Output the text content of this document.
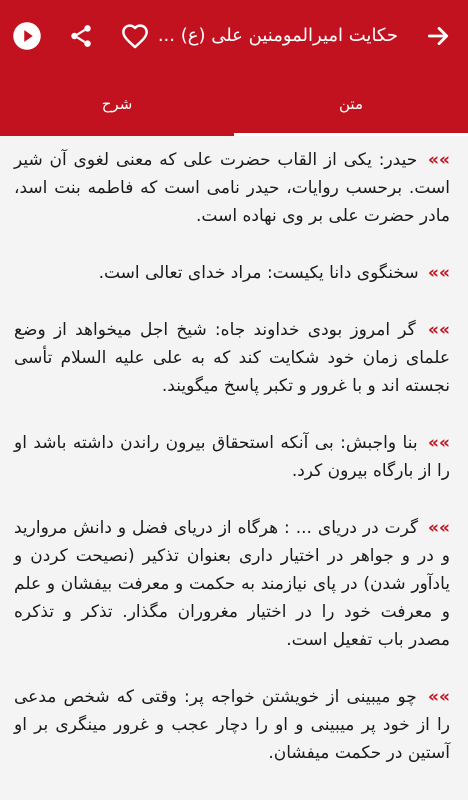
حکایت امیرالمومنین علی (ع) ...
شرح	متن

»» حیدر: یکی از القاب حضرت علی که معنی لغوی آن شیر است. برحسب روایات، حیدر نامی است که فاطمه بنت اسد، مادر حضرت علی بر وی نهاده است.

»» سخنگوی دانا یکیست: مراد خدای تعالی است.

»» گر امروز بودی خداوند جاه: شیخ اجل میخواهد از وضع علمای زمان خود شکایت کند که به علی علیه السلام تأسی نجسته اند و با غرور و تکبر پاسخ میگویند.

»» بنا واجبش: بی آنکه استحقاق بیرون راندن داشته باشد او را از بارگاه بیرون کرد.

»» گرت در دریای ... : هرگاه از دریای فضل و دانش مروارید و در و جواهر در اختیار داری بعنوان تذکیر (نصیحت کردن و یادآور شدن) در پای نیازمند به حکمت و معرفت بیفشان و علم و معرفت خود را در اختیار مغروران مگذار. تذکر و تذکره مصدر باب تفعیل است.

»» چو میبینی از خویشتن خواجه پر: وقتی که شخص مدعی را از خود پر میبینی و او را دچار عجب و غرور مینگری بر او آستین در حکمت میفشان.
